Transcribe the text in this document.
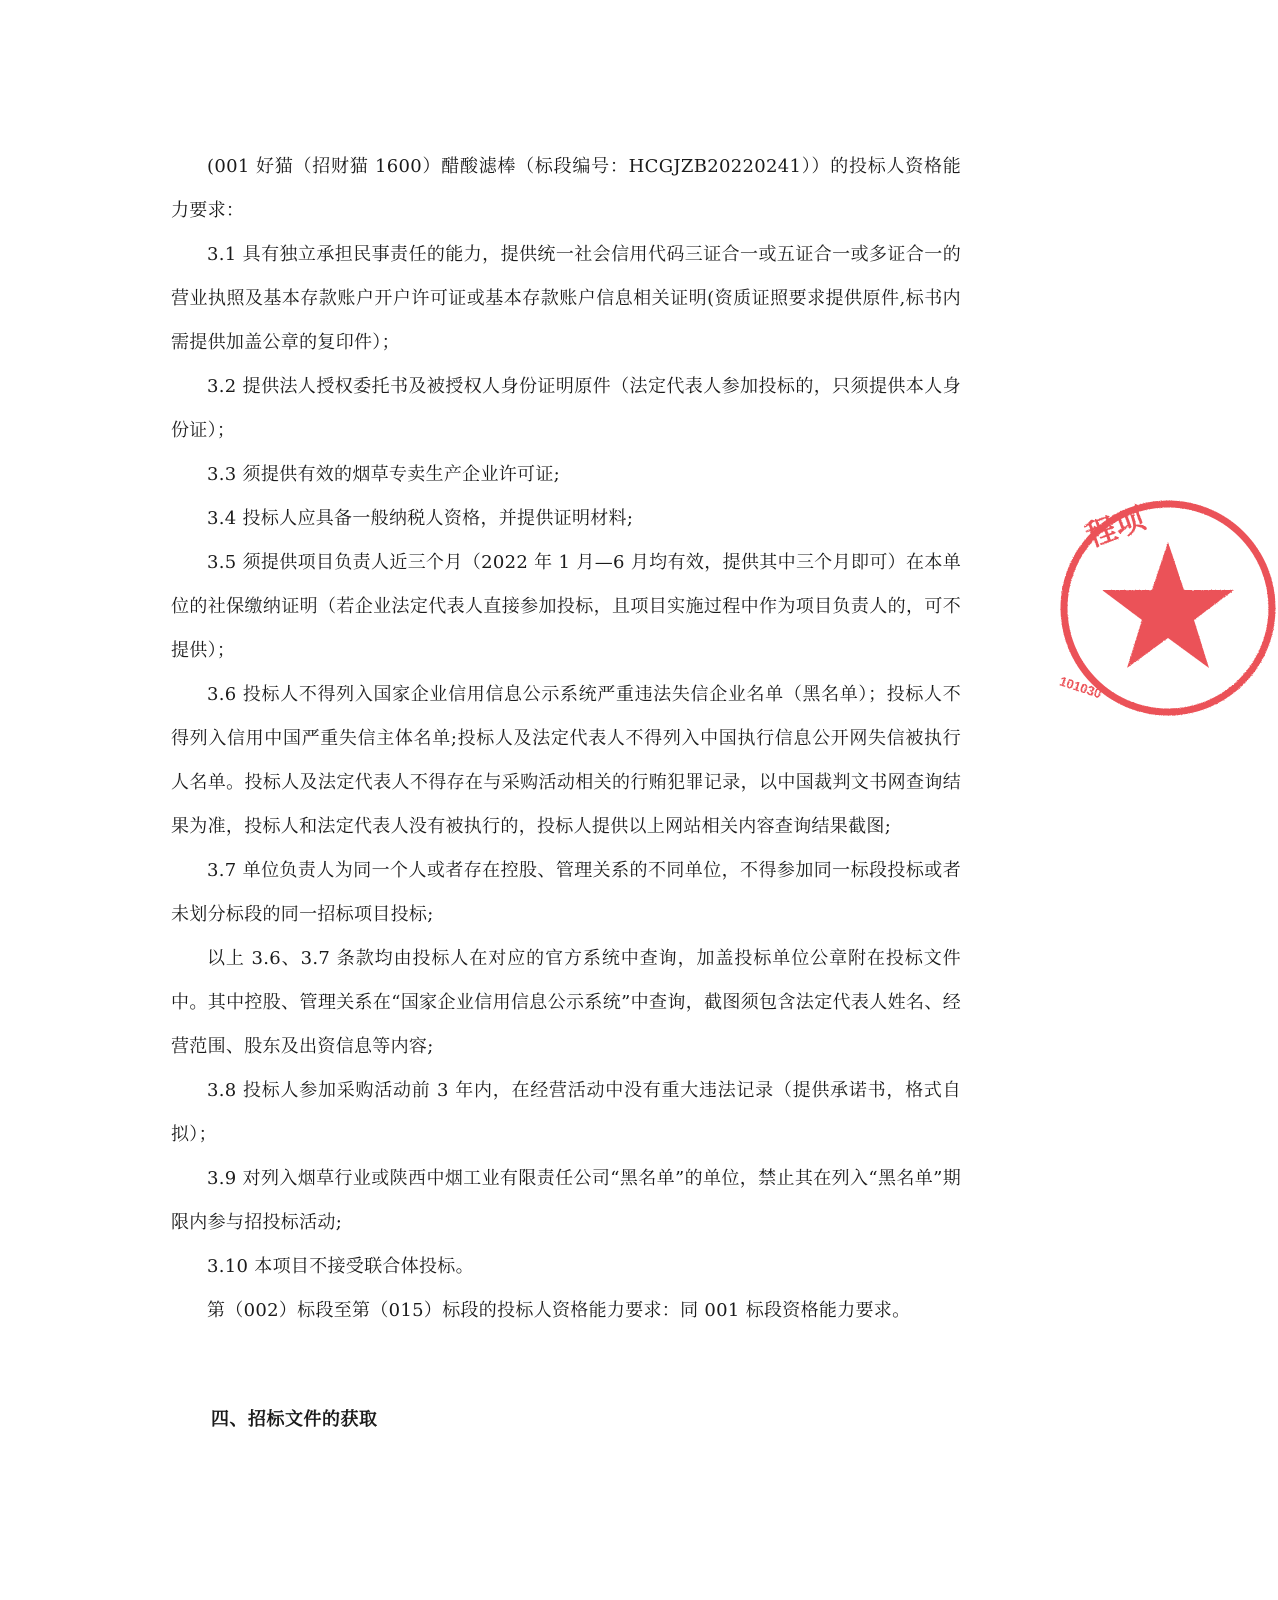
(001 好猫（招财猫 1600）醋酸滤棒（标段编号：HCGJZB20220241））的投标人资格能力要求：

3.1 具有独立承担民事责任的能力，提供统一社会信用代码三证合一或五证合一或多证合一的营业执照及基本存款账户开户许可证或基本存款账户信息相关证明(资质证照要求提供原件,标书内需提供加盖公章的复印件）；

3.2 提供法人授权委托书及被授权人身份证明原件（法定代表人参加投标的，只须提供本人身份证）；

3.3 须提供有效的烟草专卖生产企业许可证;

3.4 投标人应具备一般纳税人资格，并提供证明材料;

3.5 须提供项目负责人近三个月（2022 年 1 月—6 月均有效，提供其中三个月即可）在本单位的社保缴纳证明（若企业法定代表人直接参加投标，且项目实施过程中作为项目负责人的，可不提供）；

3.6 投标人不得列入国家企业信用信息公示系统严重违法失信企业名单（黑名单）；投标人不得列入信用中国严重失信主体名单;投标人及法定代表人不得列入中国执行信息公开网失信被执行人名单。投标人及法定代表人不得存在与采购活动相关的行贿犯罪记录，以中国裁判文书网查询结果为准，投标人和法定代表人没有被执行的，投标人提供以上网站相关内容查询结果截图;

3.7 单位负责人为同一个人或者存在控股、管理关系的不同单位，不得参加同一标段投标或者未划分标段的同一招标项目投标;

以上 3.6、3.7 条款均由投标人在对应的官方系统中查询，加盖投标单位公章附在投标文件中。其中控股、管理关系在“国家企业信用信息公示系统”中查询，截图须包含法定代表人姓名、经营范围、股东及出资信息等内容;

3.8 投标人参加采购活动前 3 年内，在经营活动中没有重大违法记录（提供承诺书，格式自拟）；

3.9 对列入烟草行业或陕西中烟工业有限责任公司“黑名单”的单位，禁止其在列入“黑名单”期限内参与招投标活动;

3.10 本项目不接受联合体投标。

第（002）标段至第（015）标段的投标人资格能力要求：同 001 标段资格能力要求。

四、招标文件的获取
程项
101030
